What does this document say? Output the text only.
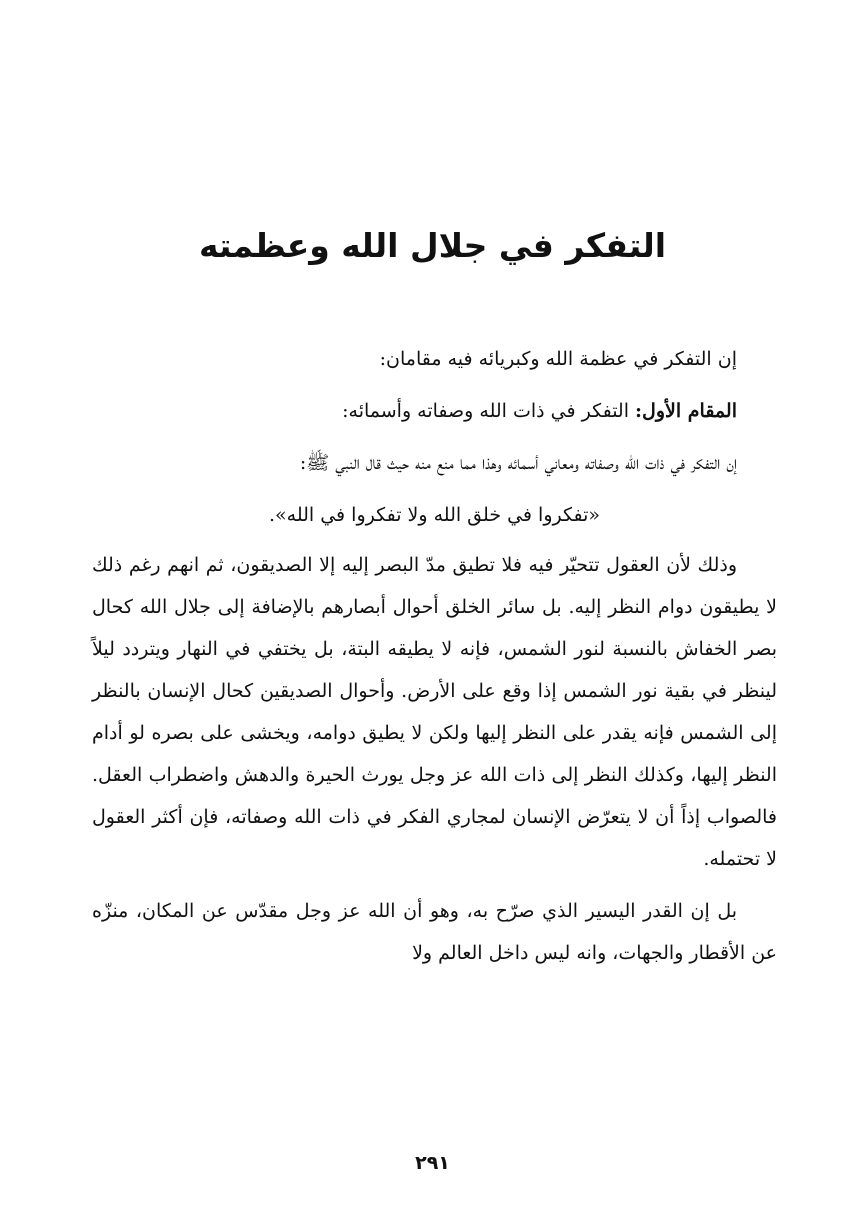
التفكر في جلال الله وعظمته

إن التفكر في عظمة الله وكبريائه فيه مقامان:

المقام الأول: التفكر في ذات الله وصفاته وأسمائه:

إن التفكر في ذات الله وصفاته ومعاني أسمائه وهذا مما منع منه حيث قال النبي ﷺ:

«تفكروا في خلق الله ولا تفكروا في الله».

وذلك لأن العقول تتحيّر فيه فلا تطيق مدّ البصر إليه إلا الصديقون، ثم انهم رغم ذلك لا يطيقون دوام النظر إليه. بل سائر الخلق أحوال أبصارهم بالإضافة إلى جلال الله كحال بصر الخفاش بالنسبة لنور الشمس، فإنه لا يطيقه البتة، بل يختفي في النهار ويتردد ليلاً لينظر في بقية نور الشمس إذا وقع على الأرض. وأحوال الصديقين كحال الإنسان بالنظر إلى الشمس فإنه يقدر على النظر إليها ولكن لا يطيق دوامه، ويخشى على بصره لو أدام النظر إليها، وكذلك النظر إلى ذات الله عز وجل يورث الحيرة والدهش واضطراب العقل. فالصواب إذاً أن لا يتعرّض الإنسان لمجاري الفكر في ذات الله وصفاته، فإن أكثر العقول لا تحتمله.

بل إن القدر اليسير الذي صرّح به، وهو أن الله عز وجل مقدّس عن المكان، منزّه عن الأقطار والجهات، وانه ليس داخل العالم ولا

٢٩١
